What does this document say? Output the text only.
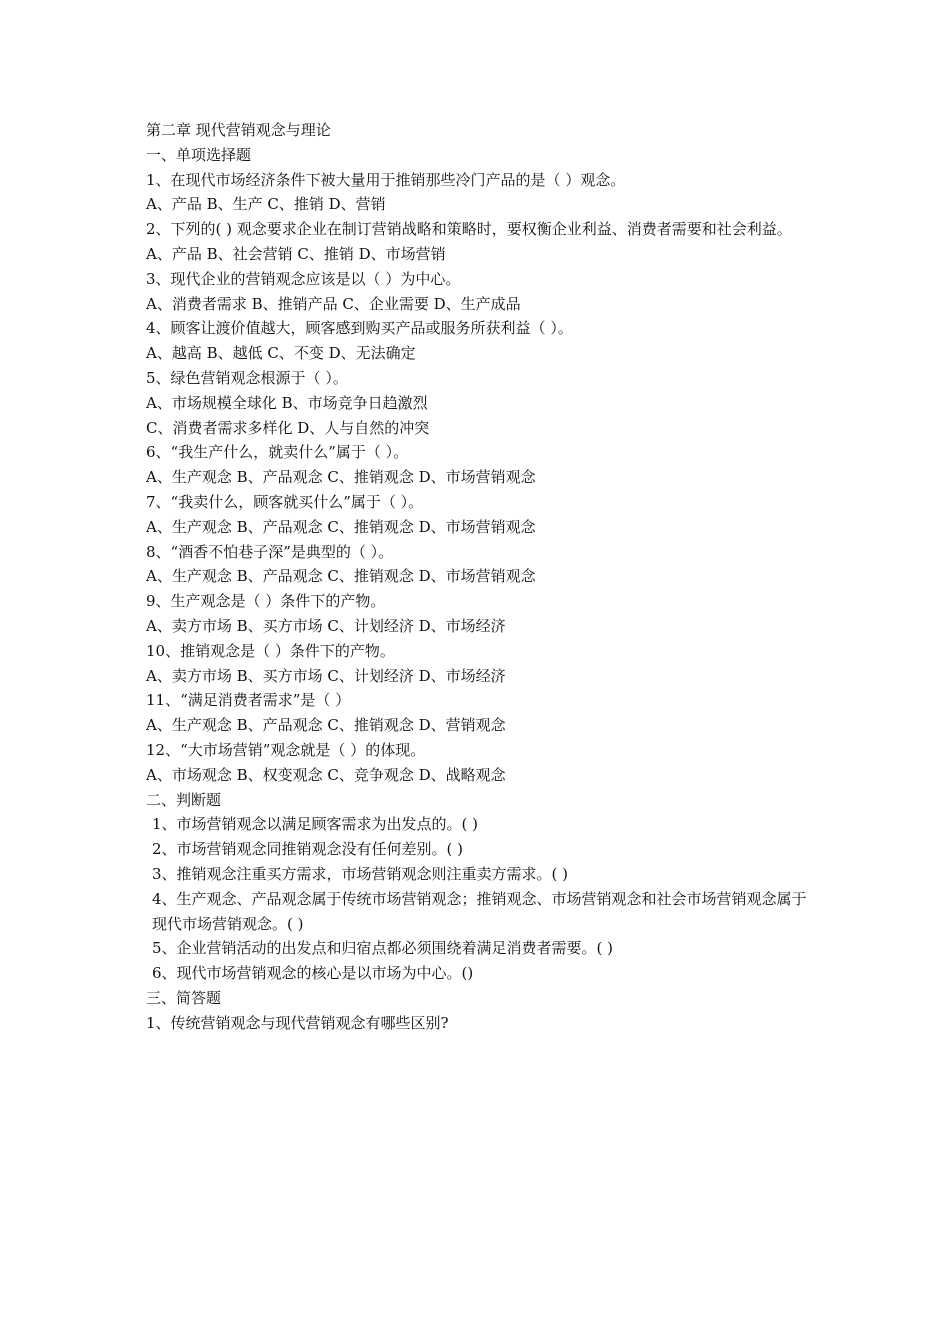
第二章 现代营销观念与理论

一、单项选择题

1、在现代市场经济条件下被大量用于推销那些冷门产品的是（ ）观念。

A、产品 B、生产 C、推销 D、营销

2、下列的( ) 观念要求企业在制订营销战略和策略时，要权衡企业利益、消费者需要和社会利益。

A、产品 B、社会营销 C、推销 D、市场营销

3、现代企业的营销观念应该是以（ ）为中心。

A、消费者需求 B、推销产品 C、企业需要 D、生产成品

4、顾客让渡价值越大，顾客感到购买产品或服务所获利益（ ）。

A、越高 B、越低 C、不变 D、无法确定

5、绿色营销观念根源于（ ）。

A、市场规模全球化 B、市场竞争日趋激烈

C、消费者需求多样化 D、人与自然的冲突

6、“我生产什么，就卖什么”属于（ ）。

A、生产观念 B、产品观念 C、推销观念 D、市场营销观念

7、“我卖什么，顾客就买什么”属于（ ）。

A、生产观念 B、产品观念 C、推销观念 D、市场营销观念

8、“酒香不怕巷子深”是典型的（ ）。

A、生产观念 B、产品观念 C、推销观念 D、市场营销观念

9、生产观念是（ ）条件下的产物。

A、卖方市场 B、买方市场 C、计划经济 D、市场经济

10、推销观念是（ ）条件下的产物。

A、卖方市场 B、买方市场 C、计划经济 D、市场经济

11、“满足消费者需求”是（ ）

A、生产观念 B、产品观念 C、推销观念 D、营销观念

12、“大市场营销”观念就是（ ）的体现。

A、市场观念 B、权变观念 C、竞争观念 D、战略观念

二、判断题

1、市场营销观念以满足顾客需求为出发点的。( )

2、市场营销观念同推销观念没有任何差别。( )

3、推销观念注重买方需求，市场营销观念则注重卖方需求。( )

4、生产观念、产品观念属于传统市场营销观念；推销观念、市场营销观念和社会市场营销观念属于现代市场营销观念。( )

5、企业营销活动的出发点和归宿点都必须围绕着满足消费者需要。( )

6、现代市场营销观念的核心是以市场为中心。()

三、简答题

1、传统营销观念与现代营销观念有哪些区别?
